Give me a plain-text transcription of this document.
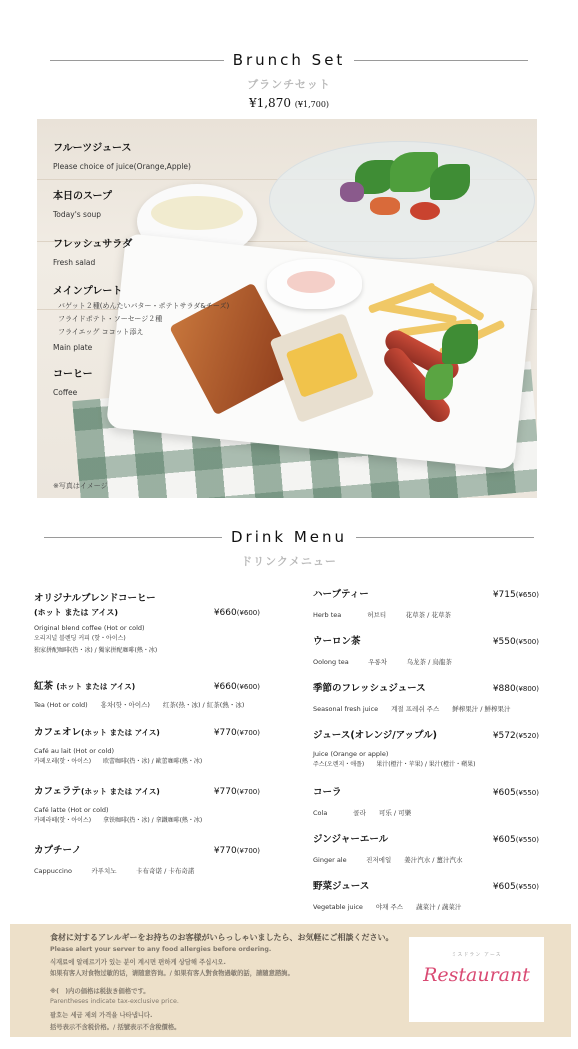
Brunch Set
ブランチセット
¥1,870 (¥1,700)
フルーツジュース
Please choice of juice(Orange,Apple)
本日のスープ
Today's soup
フレッシュサラダ
Fresh salad
メインプレート
バゲット２種(めんたいバター・ポテトサラダ&チーズ)
フライドポテト・ソーセージ２種
フライエッグ ココット添え
Main plate
コーヒー
Coffee
※写真はイメージ
Drink Menu
ドリンクメニュー
オリジナルブレンドコーヒー
(ホット または アイス)	¥660(¥600)
Original blend coffee (Hot or cold)
오리지널 블렌딩 커피 (핫・아이스)
独家拼配咖啡(热・冰) / 獨家拼配咖啡(熱・冰)
紅茶 (ホット または アイス)	¥660(¥600)
Tea (Hot or cold)　　홍차(핫・아이스)　　红茶(热・冰) / 紅茶(熱・冰)
カフェオレ(ホット または アイス)	¥770(¥700)
Café au lait (Hot or cold)
카페오레(핫・아이스)　　欧蕾咖啡(热・冰) / 歐蕾咖啡(熱・冰)
カフェラテ(ホット または アイス)	¥770(¥700)
Café latte (Hot or cold)
카페라떼(핫・아이스)　　拿铁咖啡(热・冰) / 拿鐵咖啡(熱・冰)
カプチーノ	¥770(¥700)
Cappuccino　　　카푸치노　　　卡布奇诺 / 卡布奇諾
ハーブティー	¥715(¥650)
Herb tea　　　　허브티　　　花草茶 / 花草茶
ウーロン茶	¥550(¥500)
Oolong tea　　　우롱차　　　乌龙茶 / 烏龍茶
季節のフレッシュジュース	¥880(¥800)
Seasonal fresh juice　　계절 프레쉬 주스　　鲜榨果汁 / 鮮榨果汁
ジュース(オレンジ/アップル)	¥572(¥520)
Juice (Orange or apple)
주스(오렌지・애플)　　果汁(橙汁・苹果) / 果汁(橙汁・蘋果)
コーラ	¥605(¥550)
Cola　　　　콜라　　可乐 / 可樂
ジンジャーエール	¥605(¥550)
Ginger ale　　　진저에일　　姜汁汽水 / 薑汁汽水
野菜ジュース	¥605(¥550)
Vegetable juice　　야채 주스　　蔬菜汁 / 蔬菜汁
食材に対するアレルギーをお持ちのお客様がいらっしゃいましたら、お気軽にご相談ください。
Please alert your server to any food allergies before ordering.
식재료에 알레르기가 있는 분이 계시면 편하게 상담해 주십시오.
如果有客人对食物过敏的话，请随意咨询。/ 如果有客人對食物過敏的話，請隨意諮詢。
※(　)内の価格は税抜き価格です。
Parentheses indicate tax-exclusive price.
괄호는 세금 제외 가격을 나타냅니다.
括号表示不含税价格。/ 括號表示不含稅價格。
ミスドラン アース
Restaurant
